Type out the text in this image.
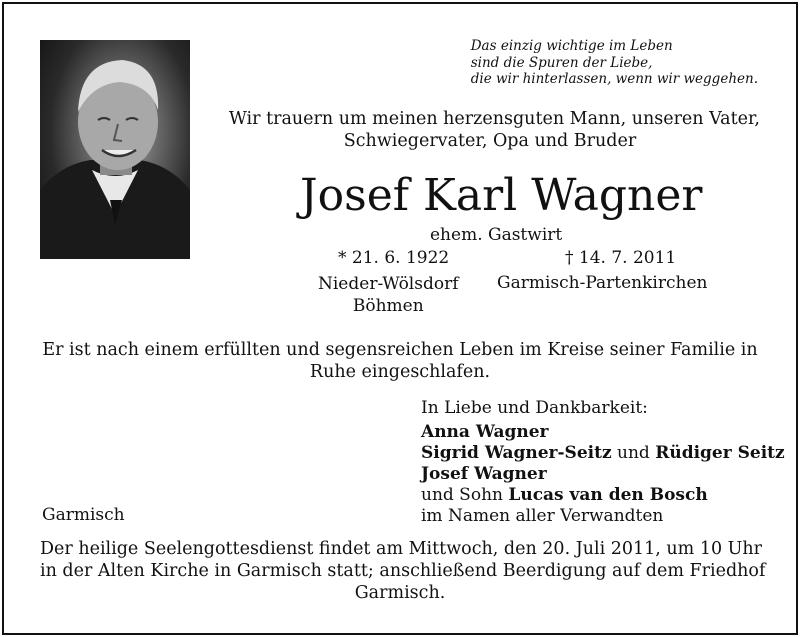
Das einzig wichtige im Leben
sind die Spuren der Liebe,
die wir hinterlassen, wenn wir weggehen.
Wir trauern um meinen herzensguten Mann, unseren Vater,
Schwiegervater, Opa und Bruder
Josef Karl Wagner
ehem. Gastwirt
* 21. 6. 1922	† 14. 7. 2011
Nieder-Wölsdorf
Böhmen
Garmisch-Partenkirchen
Er ist nach einem erfüllten und segensreichen Leben im Kreise seiner Familie in
Ruhe eingeschlafen.
In Liebe und Dankbarkeit:
Anna Wagner
Sigrid Wagner-Seitz und Rüdiger Seitz
Josef Wagner
und Sohn Lucas van den Bosch
im Namen aller Verwandten
Garmisch
Der heilige Seelengottesdienst findet am Mittwoch, den 20. Juli 2011, um 10 Uhr
in der Alten Kirche in Garmisch statt; anschließend Beerdigung auf dem Friedhof
Garmisch.
